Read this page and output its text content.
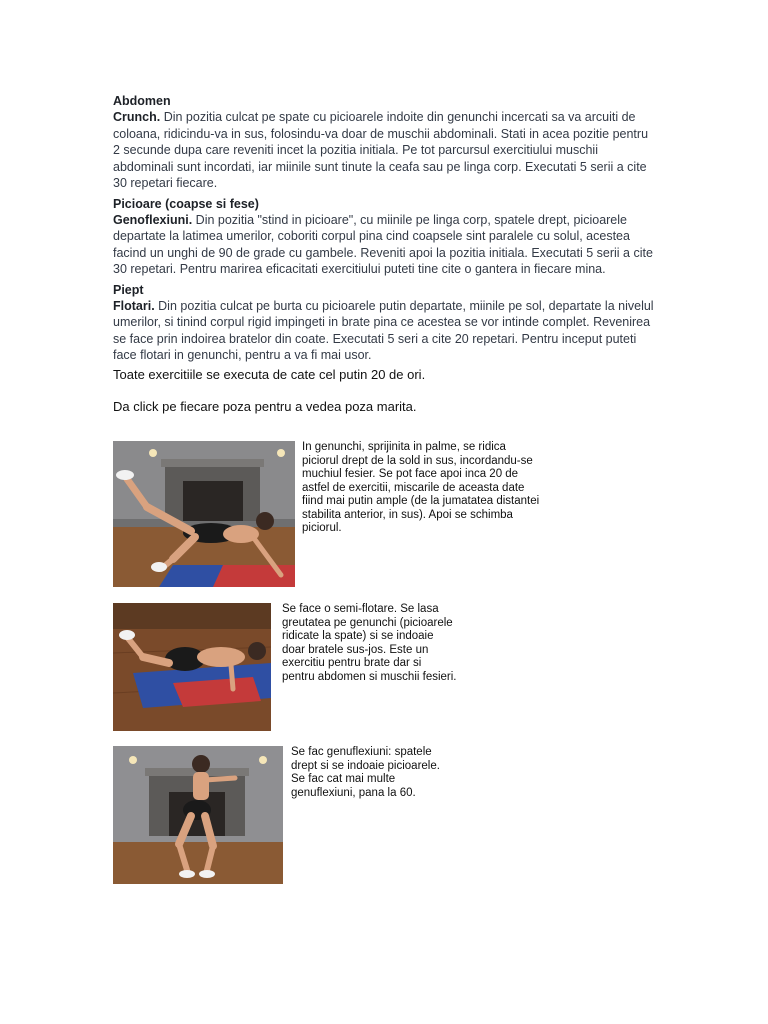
Abdomen

Crunch. Din pozitia culcat pe spate cu picioarele indoite din genunchi incercati sa va arcuiti de coloana, ridicindu-va in sus, folosindu-va doar de muschii abdominali. Stati in acea pozitie pentru 2 secunde dupa care reveniti incet la pozitia initiala. Pe tot parcursul exercitiului muschii abdominali sunt incordati, iar miinile sunt tinute la ceafa sau pe linga corp. Executati 5 serii a cite 30 repetari fiecare.

Picioare (coapse si fese)

Genoflexiuni. Din pozitia "stind in picioare", cu miinile pe linga corp, spatele drept, picioarele departate la latimea umerilor, coboriti corpul pina cind coapsele sint paralele cu solul, acestea facind un unghi de 90 de grade cu gambele. Reveniti apoi la pozitia initiala. Executati 5 serii a cite 30 repetari. Pentru marirea eficacitati exercitiului puteti tine cite o gantera in fiecare mina.

Piept

Flotari. Din pozitia culcat pe burta cu picioarele putin departate, miinile pe sol, departate la nivelul umerilor, si tinind corpul rigid impingeti in brate pina ce acestea se vor intinde complet. Revenirea se face prin indoirea bratelor din coate. Executati 5 seri a cite 20 repetari. Pentru inceput puteti face flotari in genunchi, pentru a va fi mai usor.

Toate exercitiile se executa de cate cel putin 20 de ori.

Da click pe fiecare poza pentru a vedea poza marita.

In genunchi, sprijinita in palme, se ridica piciorul drept de la sold in sus, incordandu-se muchiul fesier. Se pot face apoi inca 20 de astfel de exercitii, miscarile de aceasta date fiind mai putin ample (de la jumatatea distantei stabilita anterior, in sus). Apoi se schimba piciorul.
Se face o semi-flotare. Se lasa greutatea pe genunchi (picioarele ridicate la spate) si se indoaie doar bratele sus-jos. Este un exercitiu pentru brate dar si pentru abdomen si muschii fesieri.
Se fac genuflexiuni: spatele drept si se indoaie picioarele. Se fac cat mai multe genuflexiuni, pana la 60.
